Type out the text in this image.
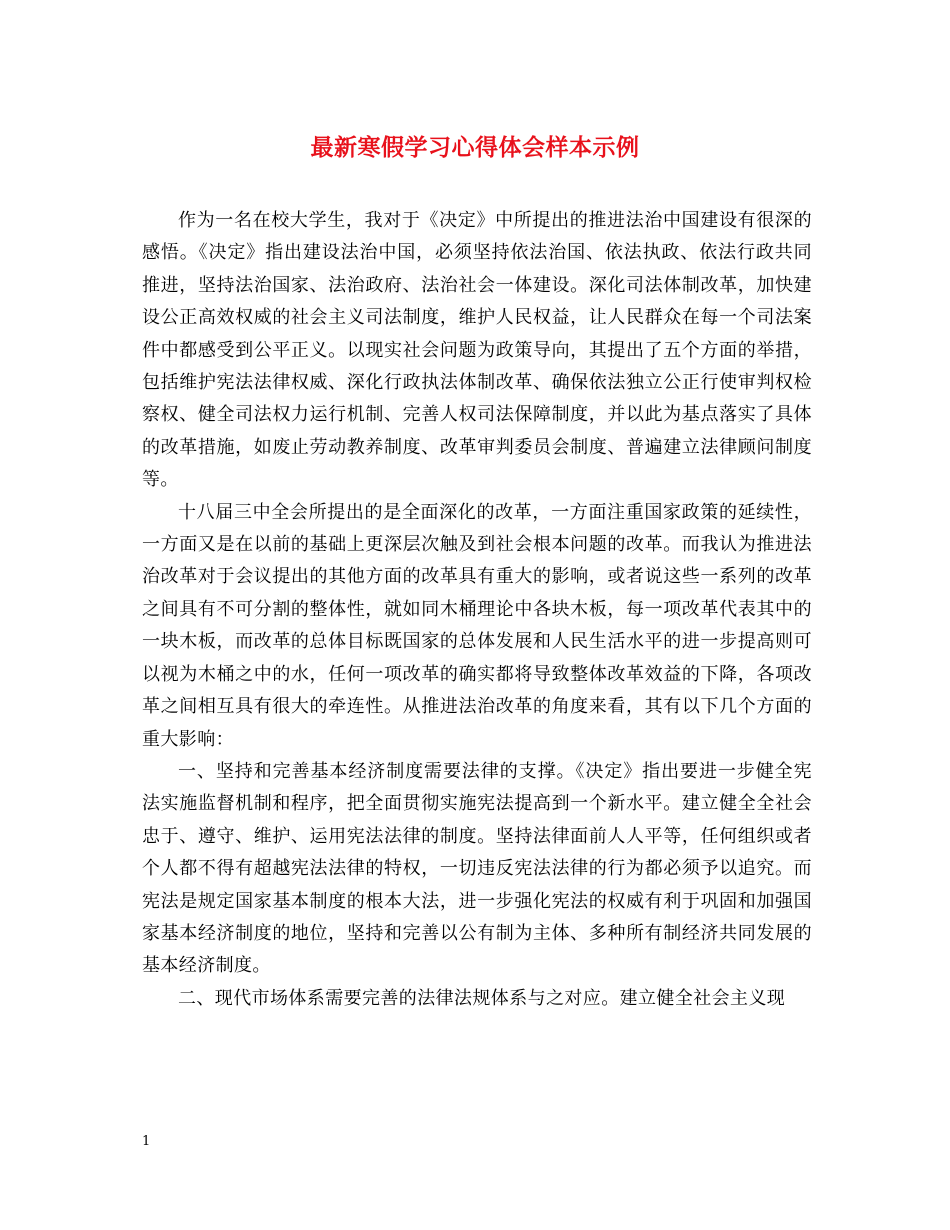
最新寒假学习心得体会样本示例

作为一名在校大学生，我对于《决定》中所提出的推进法治中国建设有很深的感悟。《决定》指出建设法治中国，必须坚持依法治国、依法执政、依法行政共同推进，坚持法治国家、法治政府、法治社会一体建设。深化司法体制改革，加快建设公正高效权威的社会主义司法制度，维护人民权益，让人民群众在每一个司法案件中都感受到公平正义。以现实社会问题为政策导向，其提出了五个方面的举措，包括维护宪法法律权威、深化行政执法体制改革、确保依法独立公正行使审判权检察权、健全司法权力运行机制、完善人权司法保障制度，并以此为基点落实了具体的改革措施，如废止劳动教养制度、改革审判委员会制度、普遍建立法律顾问制度等。

十八届三中全会所提出的是全面深化的改革，一方面注重国家政策的延续性，一方面又是在以前的基础上更深层次触及到社会根本问题的改革。而我认为推进法治改革对于会议提出的其他方面的改革具有重大的影响，或者说这些一系列的改革之间具有不可分割的整体性，就如同木桶理论中各块木板，每一项改革代表其中的一块木板，而改革的总体目标既国家的总体发展和人民生活水平的进一步提高则可以视为木桶之中的水，任何一项改革的确实都将导致整体改革效益的下降，各项改革之间相互具有很大的牵连性。从推进法治改革的角度来看，其有以下几个方面的重大影响：

一、坚持和完善基本经济制度需要法律的支撑。《决定》指出要进一步健全宪法实施监督机制和程序，把全面贯彻实施宪法提高到一个新水平。建立健全全社会忠于、遵守、维护、运用宪法法律的制度。坚持法律面前人人平等，任何组织或者个人都不得有超越宪法法律的特权，一切违反宪法法律的行为都必须予以追究。而宪法是规定国家基本制度的根本大法，进一步强化宪法的权威有利于巩固和加强国家基本经济制度的地位，坚持和完善以公有制为主体、多种所有制经济共同发展的基本经济制度。

二、现代市场体系需要完善的法律法规体系与之对应。建立健全社会主义现

1
